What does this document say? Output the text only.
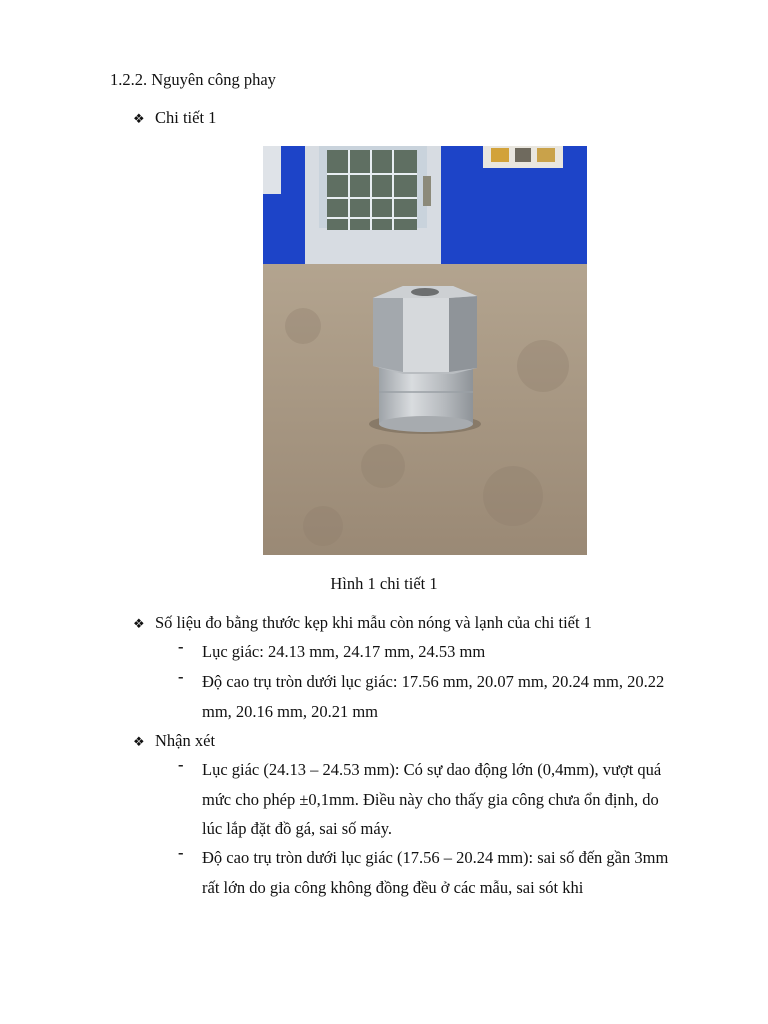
1.2.2. Nguyên công phay
❖ Chi tiết 1
Hình 1 chi tiết 1
❖ Số liệu đo bằng thước kẹp khi mẫu còn nóng và lạnh của chi tiết 1
- Lục giác: 24.13 mm, 24.17 mm, 24.53 mm
- Độ cao trụ tròn dưới lục giác: 17.56 mm, 20.07 mm, 20.24 mm, 20.22 mm, 20.16 mm, 20.21 mm
❖ Nhận xét
- Lục giác (24.13 – 24.53 mm): Có sự dao động lớn (0,4mm), vượt quá mức cho phép ±0,1mm. Điều này cho thấy gia công chưa ổn định, do lúc lắp đặt đồ gá, sai số máy.
- Độ cao trụ tròn dưới lục giác (17.56 – 20.24 mm): sai số đến gần 3mm rất lớn do gia công không đồng đều ở các mẫu, sai sót khi
